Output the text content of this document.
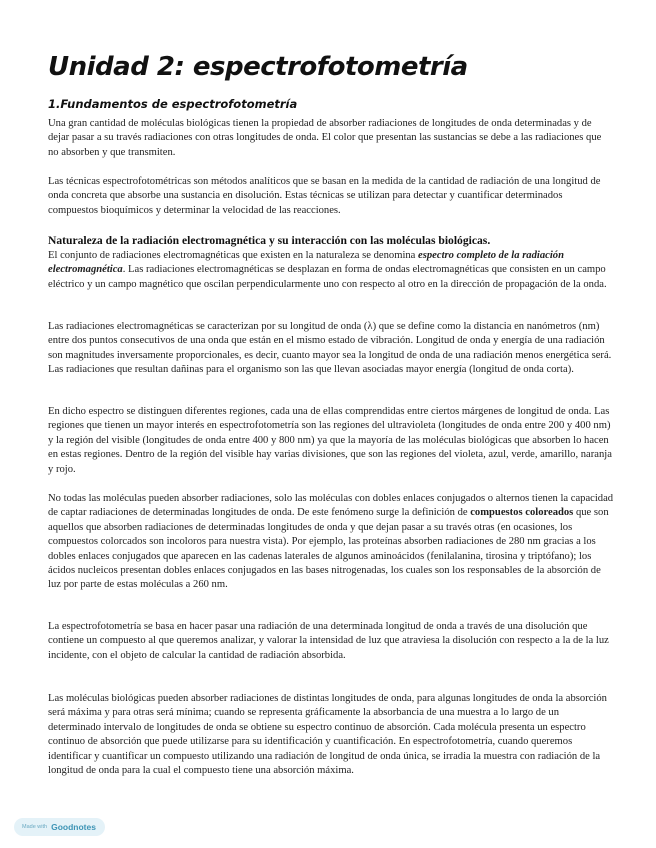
Unidad 2: espectrofotometría
1.Fundamentos de espectrofotometría

Una gran cantidad de moléculas biológicas tienen la propiedad de absorber radiaciones de longitudes de onda determinadas y de dejar pasar a su través radiaciones con otras longitudes de onda. El color que presentan las sustancias se debe a las radiaciones que no absorben y que transmiten.

Las técnicas espectrofotométricas son métodos analíticos que se basan en la medida de la cantidad de radiación de una longitud de onda concreta que absorbe una sustancia en disolución. Estas técnicas se utilizan para detectar y cuantificar determinados compuestos bioquímicos y determinar la velocidad de las reacciones.

Naturaleza de la radiación electromagnética y su interacción con las moléculas biológicas.

El conjunto de radiaciones electromagnéticas que existen en la naturaleza se denomina espectro completo de la radiación electromagnética. Las radiaciones electromagnéticas se desplazan en forma de ondas electromagnéticas que consisten en un campo eléctrico y un campo magnético que oscilan perpendicularmente uno con respecto al otro en la dirección de propagación de la onda.

Las radiaciones electromagnéticas se caracterizan por su longitud de onda (λ) que se define como la distancia en nanómetros (nm) entre dos puntos consecutivos de una onda que están en el mismo estado de vibración. Longitud de onda y energía de una radiación son magnitudes inversamente proporcionales, es decir, cuanto mayor sea la longitud de onda de una radiación menos energética será. Las radiaciones que resultan dañinas para el organismo son las que llevan asociadas mayor energía (longitud de onda corta).

En dicho espectro se distinguen diferentes regiones, cada una de ellas comprendidas entre ciertos márgenes de longitud de onda. Las regiones que tienen un mayor interés en espectrofotometría son las regiones del ultravioleta (longitudes de onda entre 200 y 400 nm) y la región del visible (longitudes de onda entre 400 y 800 nm) ya que la mayoría de las moléculas biológicas que absorben lo hacen en estas regiones. Dentro de la región del visible hay varias divisiones, que son las regiones del violeta, azul, verde, amarillo, naranja y rojo.

No todas las moléculas pueden absorber radiaciones, solo las moléculas con dobles enlaces conjugados o alternos tienen la capacidad de captar radiaciones de determinadas longitudes de onda. De este fenómeno surge la definición de compuestos coloreados que son aquellos que absorben radiaciones de determinadas longitudes de onda y que dejan pasar a su través otras (en ocasiones, los compuestos colorcados son incoloros para nuestra vista). Por ejemplo, las proteínas absorben radiaciones de 280 nm gracias a los dobles enlaces conjugados que aparecen en las cadenas laterales de algunos aminoácidos (fenilalanina, tirosina y triptófano); los ácidos nucleicos presentan dobles enlaces conjugados en las bases nitrogenadas, los cuales son los responsables de la absorción de luz por parte de estas moléculas a 260 nm.

La espectrofotometría se basa en hacer pasar una radiación de una determinada longitud de onda a través de una disolución que contiene un compuesto al que queremos analizar, y valorar la intensidad de luz que atraviesa la disolución con respecto a la de la luz incidente, con el objeto de calcular la cantidad de radiación absorbida.

Las moléculas biológicas pueden absorber radiaciones de distintas longitudes de onda, para algunas longitudes de onda la absorción será máxima y para otras será mínima; cuando se representa gráficamente la absorbancia de una muestra a lo largo de un determinado intervalo de longitudes de onda se obtiene su espectro continuo de absorción. Cada molécula presenta un espectro continuo de absorción que puede utilizarse para su identificación y cuantificación. En espectrofotometría, cuando queremos identificar y cuantificar un compuesto utilizando una radiación de longitud de onda única, se irradia la muestra con radiación de la longitud de onda para la cual el compuesto tiene una absorción máxima.

Made with Goodnotes
